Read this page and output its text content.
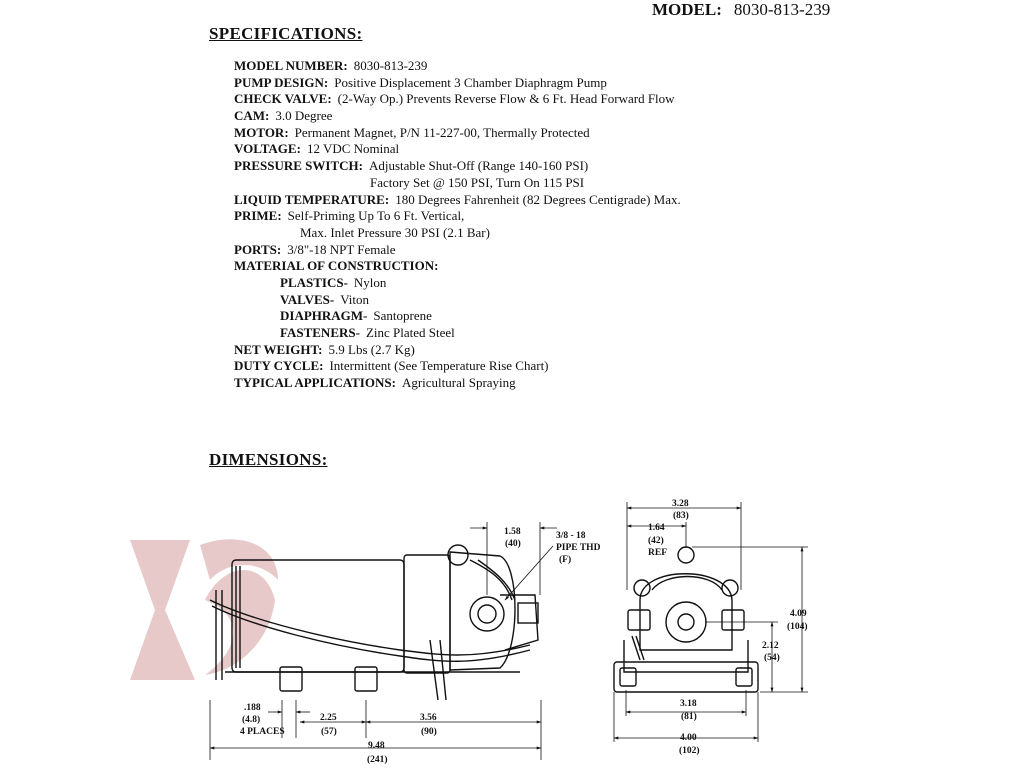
MODEL: 8030-813-239
SPECIFICATIONS:
MODEL NUMBER: 8030-813-239
PUMP DESIGN: Positive Displacement 3 Chamber Diaphragm Pump
CHECK VALVE: (2-Way Op.) Prevents Reverse Flow & 6 Ft. Head Forward Flow
CAM: 3.0 Degree
MOTOR: Permanent Magnet, P/N 11-227-00, Thermally Protected
VOLTAGE: 12 VDC Nominal
PRESSURE SWITCH: Adjustable Shut-Off (Range 140-160 PSI)
Factory Set @ 150 PSI, Turn On 115 PSI
LIQUID TEMPERATURE: 180 Degrees Fahrenheit (82 Degrees Centigrade) Max.
PRIME: Self-Priming Up To 6 Ft. Vertical,
Max. Inlet Pressure 30 PSI (2.1 Bar)
PORTS: 3/8"-18 NPT Female
MATERIAL OF CONSTRUCTION:
PLASTICS- Nylon
VALVES- Viton
DIAPHRAGM- Santoprene
FASTENERS- Zinc Plated Steel
NET WEIGHT: 5.9 Lbs (2.7 Kg)
DUTY CYCLE: Intermittent (See Temperature Rise Chart)
TYPICAL APPLICATIONS: Agricultural Spraying
DIMENSIONS:
1.58
(40)
3/8 - 18
PIPE THD
(F)
.188
(4.8)
4 PLACES
2.25
(57)
3.56
(90)
9.48
(241)
3.28
(83)
1.64
(42)
REF
4.09
(104)
2.12
(54)
3.18
(81)
4.00
(102)
